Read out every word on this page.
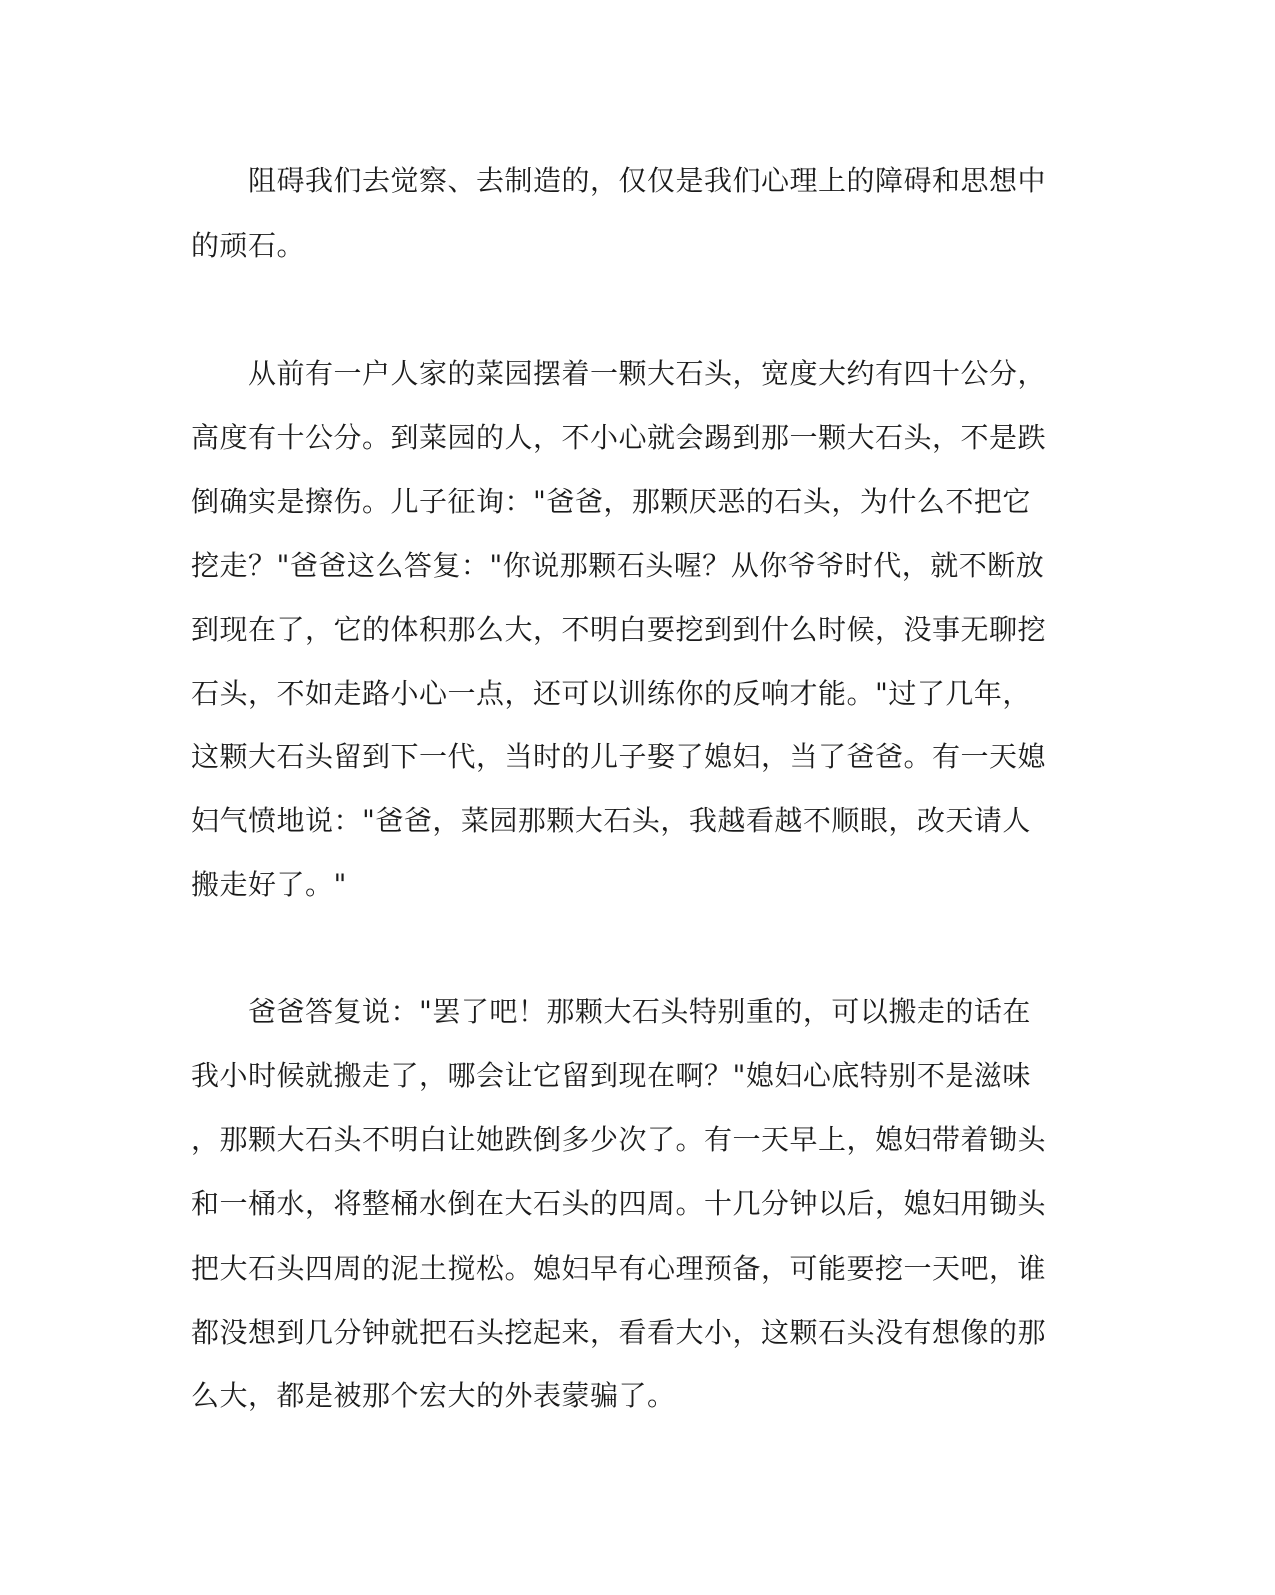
阻碍我们去觉察、去制造的，仅仅是我们心理上的障碍和思想中
的顽石。
从前有一户人家的菜园摆着一颗大石头，宽度大约有四十公分，
高度有十公分。到菜园的人，不小心就会踢到那一颗大石头，不是跌
倒确实是擦伤。儿子征询："爸爸，那颗厌恶的石头，为什么不把它
挖走？"爸爸这么答复："你说那颗石头喔？从你爷爷时代，就不断放
到现在了，它的体积那么大，不明白要挖到到什么时候，没事无聊挖
石头，不如走路小心一点，还可以训练你的反响才能。"过了几年，
这颗大石头留到下一代，当时的儿子娶了媳妇，当了爸爸。有一天媳
妇气愤地说："爸爸，菜园那颗大石头，我越看越不顺眼，改天请人
搬走好了。"
爸爸答复说："罢了吧！那颗大石头特别重的，可以搬走的话在
我小时候就搬走了，哪会让它留到现在啊？"媳妇心底特别不是滋味
，那颗大石头不明白让她跌倒多少次了。有一天早上，媳妇带着锄头
和一桶水，将整桶水倒在大石头的四周。十几分钟以后，媳妇用锄头
把大石头四周的泥土搅松。媳妇早有心理预备，可能要挖一天吧，谁
都没想到几分钟就把石头挖起来，看看大小，这颗石头没有想像的那
么大，都是被那个宏大的外表蒙骗了。
